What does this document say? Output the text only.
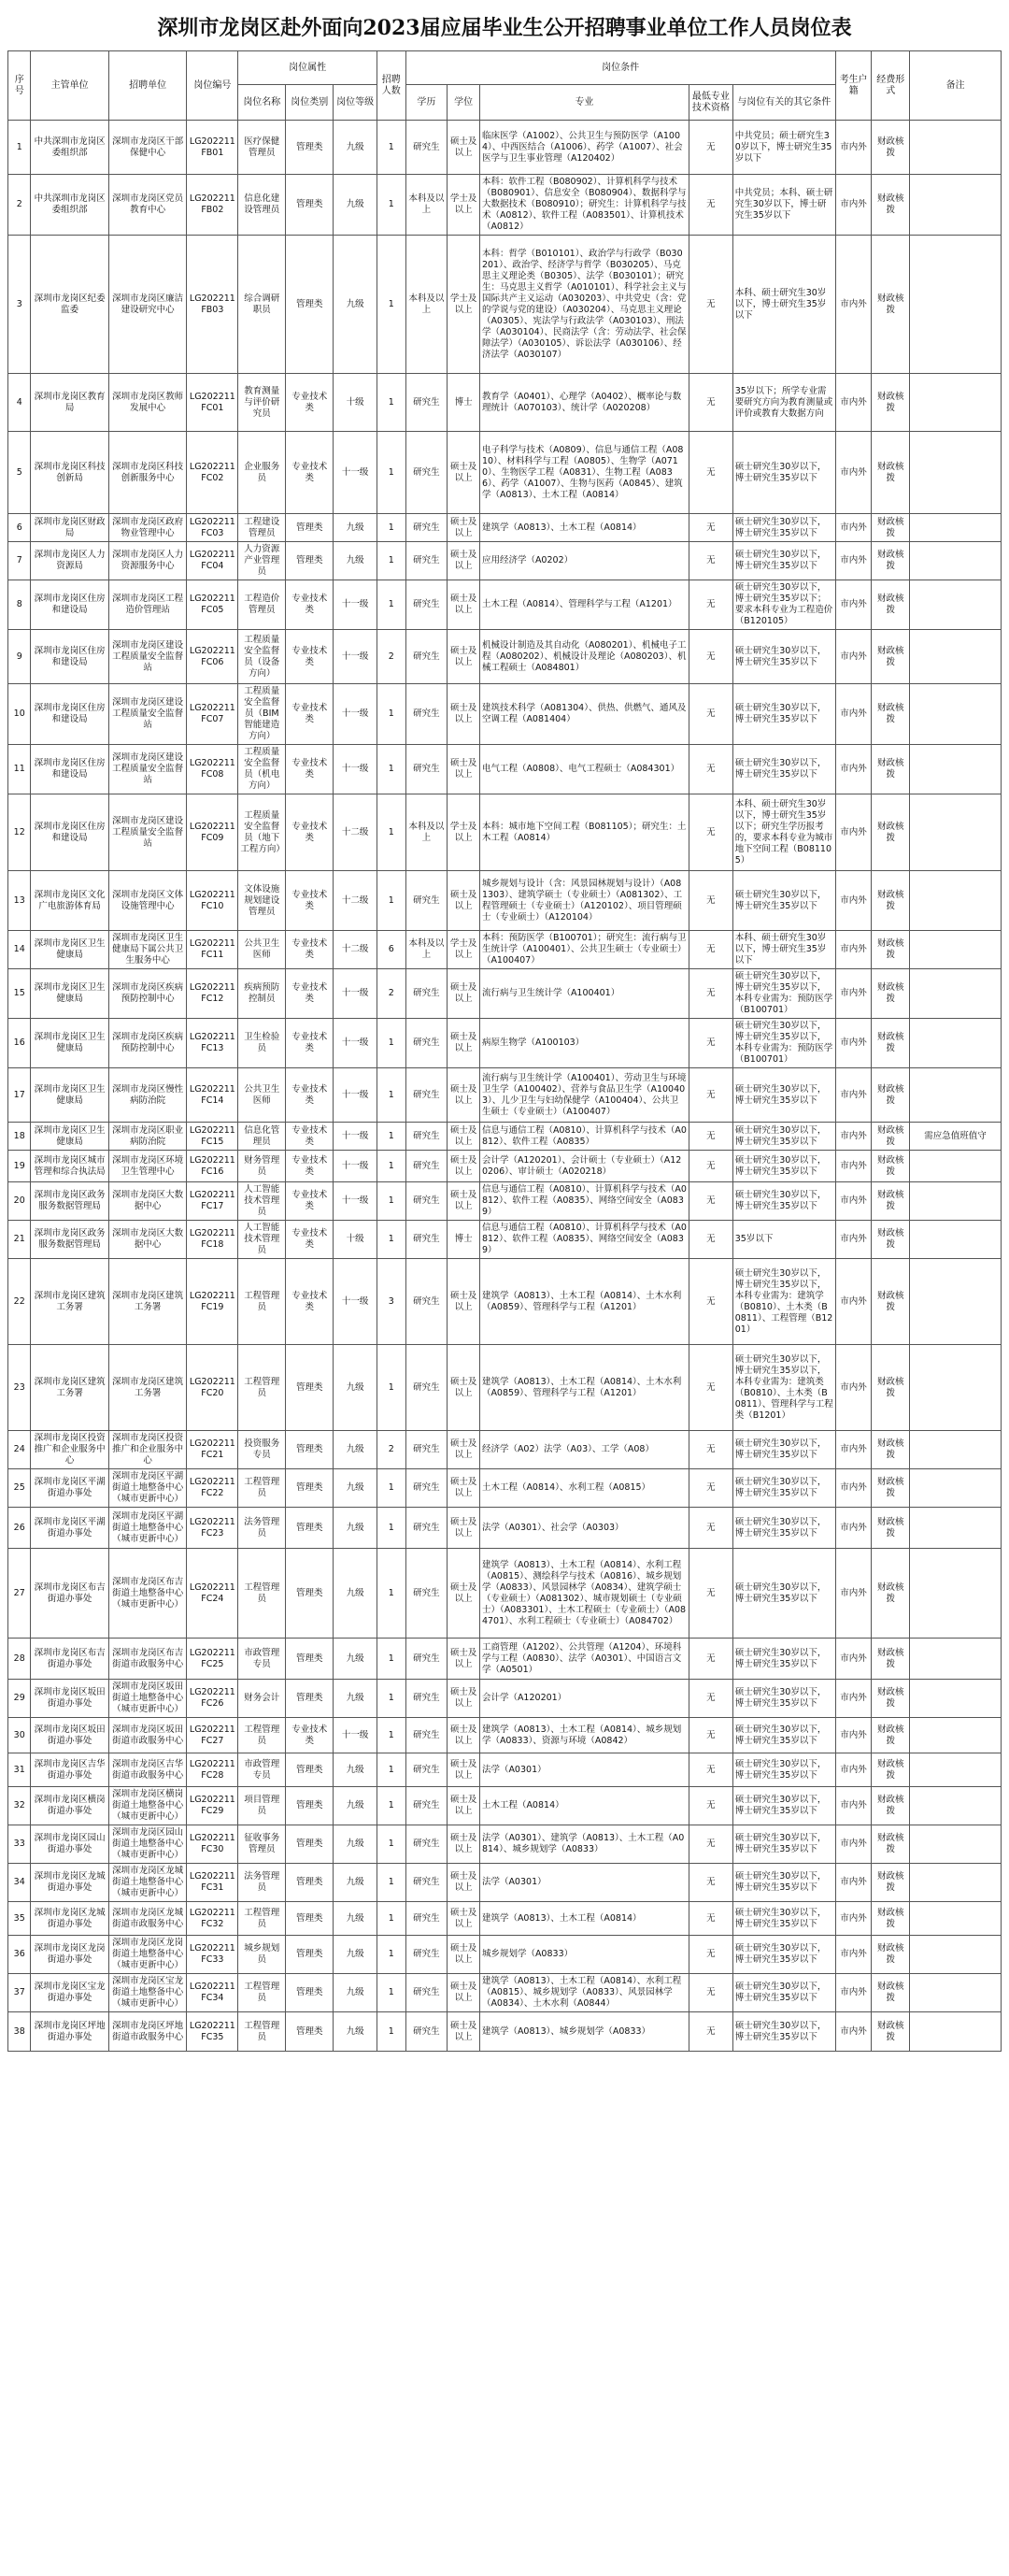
深圳市龙岗区赴外面向2023届应届毕业生公开招聘事业单位工作人员岗位表
序号	主管单位	招聘单位	岗位编号	岗位属性			招聘人数	岗位条件					考生户籍	经费形式	备注
				岗位名称	岗位类别	岗位等级		学历	学位	专业	最低专业技术资格	与岗位有关的其它条件			
1	中共深圳市龙岗区委组织部	深圳市龙岗区干部保健中心	LG202211FB01	医疗保健管理员	管理类	九级	1	研究生	硕士及以上	临床医学（A1002）、公共卫生与预防医学（A1004）、中西医结合（A1006）、药学（A1007）、社会医学与卫生事业管理（A120402）	无	中共党员；硕士研究生30岁以下，博士研究生35岁以下	市内外	财政核拨	
2	中共深圳市龙岗区委组织部	深圳市龙岗区党员教育中心	LG202211FB02	信息化建设管理员	管理类	九级	1	本科及以上	学士及以上	本科：软件工程（B080902）、计算机科学与技术（B080901）、信息安全（B080904）、数据科学与大数据技术（B080910）；研究生：计算机科学与技术（A0812）、软件工程（A083501）、计算机技术（A0812）	无	中共党员；本科、硕士研究生30岁以下，博士研究生35岁以下	市内外	财政核拨	
3	深圳市龙岗区纪委监委	深圳市龙岗区廉洁建设研究中心	LG202211FB03	综合调研职员	管理类	九级	1	本科及以上	学士及以上	本科：哲学（B010101）、政治学与行政学（B030201）、政治学、经济学与哲学（B030205）、马克思主义理论类（B0305）、法学（B030101）；研究生：马克思主义哲学（A010101）、科学社会主义与国际共产主义运动（A030203）、中共党史（含：党的学说与党的建设）（A030204）、马克思主义理论（A0305）、宪法学与行政法学（A030103）、刑法学（A030104）、民商法学（含：劳动法学、社会保障法学）（A030105）、诉讼法学（A030106）、经济法学（A030107）	无	本科、硕士研究生30岁以下，博士研究生35岁以下	市内外	财政核拨	
4	深圳市龙岗区教育局	深圳市龙岗区教师发展中心	LG202211FC01	教育测量与评价研究员	专业技术类	十级	1	研究生	博士	教育学（A0401）、心理学（A0402）、概率论与数理统计（A070103）、统计学（A020208）	无	35岁以下；所学专业需要研究方向为教育测量或评价或教育大数据方向	市内外	财政核拨	
5	深圳市龙岗区科技创新局	深圳市龙岗区科技创新服务中心	LG202211FC02	企业服务员	专业技术类	十一级	1	研究生	硕士及以上	电子科学与技术（A0809）、信息与通信工程（A0810）、材料科学与工程（A0805）、生物学（A0710）、生物医学工程（A0831）、生物工程（A0836）、药学（A1007）、生物与医药（A0845）、建筑学（A0813）、土木工程（A0814）	无	硕士研究生30岁以下，博士研究生35岁以下	市内外	财政核拨	
6	深圳市龙岗区财政局	深圳市龙岗区政府物业管理中心	LG202211FC03	工程建设管理员	管理类	九级	1	研究生	硕士及以上	建筑学（A0813）、土木工程（A0814）	无	硕士研究生30岁以下，博士研究生35岁以下	市内外	财政核拨	
7	深圳市龙岗区人力资源局	深圳市龙岗区人力资源服务中心	LG202211FC04	人力资源产业管理员	管理类	九级	1	研究生	硕士及以上	应用经济学（A0202）	无	硕士研究生30岁以下，博士研究生35岁以下	市内外	财政核拨	
8	深圳市龙岗区住房和建设局	深圳市龙岗区工程造价管理站	LG202211FC05	工程造价管理员	专业技术类	十一级	1	研究生	硕士及以上	土木工程（A0814）、管理科学与工程（A1201）	无	硕士研究生30岁以下，博士研究生35岁以下；要求本科专业为工程造价（B120105）	市内外	财政核拨	
9	深圳市龙岗区住房和建设局	深圳市龙岗区建设工程质量安全监督站	LG202211FC06	工程质量安全监督员（设备方向）	专业技术类	十一级	2	研究生	硕士及以上	机械设计制造及其自动化（A080201）、机械电子工程（A080202）、机械设计及理论（A080203）、机械工程硕士（A084801）	无	硕士研究生30岁以下，博士研究生35岁以下	市内外	财政核拨	
10	深圳市龙岗区住房和建设局	深圳市龙岗区建设工程质量安全监督站	LG202211FC07	工程质量安全监督员（BIM智能建造方向）	专业技术类	十一级	1	研究生	硕士及以上	建筑技术科学（A081304）、供热、供燃气、通风及空调工程（A081404）	无	硕士研究生30岁以下，博士研究生35岁以下	市内外	财政核拨	
11	深圳市龙岗区住房和建设局	深圳市龙岗区建设工程质量安全监督站	LG202211FC08	工程质量安全监督员（机电方向）	专业技术类	十一级	1	研究生	硕士及以上	电气工程（A0808）、电气工程硕士（A084301）	无	硕士研究生30岁以下，博士研究生35岁以下	市内外	财政核拨	
12	深圳市龙岗区住房和建设局	深圳市龙岗区建设工程质量安全监督站	LG202211FC09	工程质量安全监督员（地下工程方向）	专业技术类	十二级	1	本科及以上	学士及以上	本科：城市地下空间工程（B081105）；研究生：土木工程（A0814）	无	本科、硕士研究生30岁以下，博士研究生35岁以下；研究生学历报考的，要求本科专业为城市地下空间工程（B081105）	市内外	财政核拨	
13	深圳市龙岗区文化广电旅游体育局	深圳市龙岗区文体设施管理中心	LG202211FC10	文体设施规划建设管理员	专业技术类	十二级	1	研究生	硕士及以上	城乡规划与设计（含：风景园林规划与设计）（A081303）、建筑学硕士（专业硕士）（A081302）、工程管理硕士（专业硕士）（A120102）、项目管理硕士（专业硕士）（A120104）	无	硕士研究生30岁以下，博士研究生35岁以下	市内外	财政核拨	
14	深圳市龙岗区卫生健康局	深圳市龙岗区卫生健康局下属公共卫生服务中心	LG202211FC11	公共卫生医师	专业技术类	十二级	6	本科及以上	学士及以上	本科：预防医学（B100701）；研究生：流行病与卫生统计学（A100401）、公共卫生硕士（专业硕士）（A100407）	无	本科、硕士研究生30岁以下，博士研究生35岁以下	市内外	财政核拨	
15	深圳市龙岗区卫生健康局	深圳市龙岗区疾病预防控制中心	LG202211FC12	疾病预防控制员	专业技术类	十一级	2	研究生	硕士及以上	流行病与卫生统计学（A100401）	无	硕士研究生30岁以下，博士研究生35岁以下，本科专业需为：预防医学（B100701）	市内外	财政核拨	
16	深圳市龙岗区卫生健康局	深圳市龙岗区疾病预防控制中心	LG202211FC13	卫生检验员	专业技术类	十一级	1	研究生	硕士及以上	病原生物学（A100103）	无	硕士研究生30岁以下，博士研究生35岁以下，本科专业需为：预防医学（B100701）	市内外	财政核拨	
17	深圳市龙岗区卫生健康局	深圳市龙岗区慢性病防治院	LG202211FC14	公共卫生医师	专业技术类	十一级	1	研究生	硕士及以上	流行病与卫生统计学（A100401）、劳动卫生与环境卫生学（A100402）、营养与食品卫生学（A100403）、儿少卫生与妇幼保健学（A100404）、公共卫生硕士（专业硕士）（A100407）	无	硕士研究生30岁以下，博士研究生35岁以下	市内外	财政核拨	
18	深圳市龙岗区卫生健康局	深圳市龙岗区职业病防治院	LG202211FC15	信息化管理员	专业技术类	十一级	1	研究生	硕士及以上	信息与通信工程（A0810）、计算机科学与技术（A0812）、软件工程（A0835）	无	硕士研究生30岁以下，博士研究生35岁以下	市内外	财政核拨	需应急值班值守
19	深圳市龙岗区城市管理和综合执法局	深圳市龙岗区环境卫生管理中心	LG202211FC16	财务管理员	专业技术类	十一级	1	研究生	硕士及以上	会计学（A120201）、会计硕士（专业硕士）（A120206）、审计硕士（A020218）	无	硕士研究生30岁以下，博士研究生35岁以下	市内外	财政核拨	
20	深圳市龙岗区政务服务数据管理局	深圳市龙岗区大数据中心	LG202211FC17	人工智能技术管理员	专业技术类	十一级	1	研究生	硕士及以上	信息与通信工程（A0810）、计算机科学与技术（A0812）、软件工程（A0835）、网络空间安全（A0839）	无	硕士研究生30岁以下，博士研究生35岁以下	市内外	财政核拨	
21	深圳市龙岗区政务服务数据管理局	深圳市龙岗区大数据中心	LG202211FC18	人工智能技术管理员	专业技术类	十级	1	研究生	博士	信息与通信工程（A0810）、计算机科学与技术（A0812）、软件工程（A0835）、网络空间安全（A0839）	无	35岁以下	市内外	财政核拨	
22	深圳市龙岗区建筑工务署	深圳市龙岗区建筑工务署	LG202211FC19	工程管理员	专业技术类	十一级	3	研究生	硕士及以上	建筑学（A0813）、土木工程（A0814）、土木水利（A0859）、管理科学与工程（A1201）	无	硕士研究生30岁以下，博士研究生35岁以下，本科专业需为：建筑学（B0810）、土木类（B0811）、工程管理（B1201）	市内外	财政核拨	
23	深圳市龙岗区建筑工务署	深圳市龙岗区建筑工务署	LG202211FC20	工程管理员	管理类	九级	1	研究生	硕士及以上	建筑学（A0813）、土木工程（A0814）、土木水利（A0859）、管理科学与工程（A1201）	无	硕士研究生30岁以下，博士研究生35岁以下，本科专业需为：建筑类（B0810）、土木类（B0811）、管理科学与工程类（B1201）	市内外	财政核拨	
24	深圳市龙岗区投资推广和企业服务中心	深圳市龙岗区投资推广和企业服务中心	LG202211FC21	投资服务专员	管理类	九级	2	研究生	硕士及以上	经济学（A02）法学（A03）、工学（A08）	无	硕士研究生30岁以下，博士研究生35岁以下	市内外	财政核拨	
25	深圳市龙岗区平湖街道办事处	深圳市龙岗区平湖街道土地整备中心（城市更新中心）	LG202211FC22	工程管理员	管理类	九级	1	研究生	硕士及以上	土木工程（A0814）、水利工程（A0815）	无	硕士研究生30岁以下，博士研究生35岁以下	市内外	财政核拨	
26	深圳市龙岗区平湖街道办事处	深圳市龙岗区平湖街道土地整备中心（城市更新中心）	LG202211FC23	法务管理员	管理类	九级	1	研究生	硕士及以上	法学（A0301）、社会学（A0303）	无	硕士研究生30岁以下，博士研究生35岁以下	市内外	财政核拨	
27	深圳市龙岗区布吉街道办事处	深圳市龙岗区布吉街道土地整备中心（城市更新中心）	LG202211FC24	工程管理员	管理类	九级	1	研究生	硕士及以上	建筑学（A0813）、土木工程（A0814）、水利工程（A0815）、测绘科学与技术（A0816）、城乡规划学（A0833）、风景园林学（A0834）、建筑学硕士（专业硕士）（A081302）、城市规划硕士（专业硕士）（A083301）、土木工程硕士（专业硕士）（A084701）、水利工程硕士（专业硕士）（A084702）	无	硕士研究生30岁以下，博士研究生35岁以下	市内外	财政核拨	
28	深圳市龙岗区布吉街道办事处	深圳市龙岗区布吉街道市政服务中心	LG202211FC25	市政管理专员	管理类	九级	1	研究生	硕士及以上	工商管理（A1202）、公共管理（A1204）、环境科学与工程（A0830）、法学（A0301）、中国语言文学（A0501）	无	硕士研究生30岁以下，博士研究生35岁以下	市内外	财政核拨	
29	深圳市龙岗区坂田街道办事处	深圳市龙岗区坂田街道土地整备中心（城市更新中心）	LG202211FC26	财务会计	管理类	九级	1	研究生	硕士及以上	会计学（A120201）	无	硕士研究生30岁以下，博士研究生35岁以下	市内外	财政核拨	
30	深圳市龙岗区坂田街道办事处	深圳市龙岗区坂田街道市政服务中心	LG202211FC27	工程管理员	专业技术类	十一级	1	研究生	硕士及以上	建筑学（A0813）、土木工程（A0814）、城乡规划学（A0833）、资源与环境（A0842）	无	硕士研究生30岁以下，博士研究生35岁以下	市内外	财政核拨	
31	深圳市龙岗区吉华街道办事处	深圳市龙岗区吉华街道市政服务中心	LG202211FC28	市政管理专员	管理类	九级	1	研究生	硕士及以上	法学（A0301）	无	硕士研究生30岁以下，博士研究生35岁以下	市内外	财政核拨	
32	深圳市龙岗区横岗街道办事处	深圳市龙岗区横岗街道土地整备中心（城市更新中心）	LG202211FC29	项目管理员	管理类	九级	1	研究生	硕士及以上	土木工程（A0814）	无	硕士研究生30岁以下，博士研究生35岁以下	市内外	财政核拨	
33	深圳市龙岗区园山街道办事处	深圳市龙岗区园山街道土地整备中心（城市更新中心）	LG202211FC30	征收事务管理员	管理类	九级	1	研究生	硕士及以上	法学（A0301）、建筑学（A0813）、土木工程（A0814）、城乡规划学（A0833）	无	硕士研究生30岁以下，博士研究生35岁以下	市内外	财政核拨	
34	深圳市龙岗区龙城街道办事处	深圳市龙岗区龙城街道土地整备中心（城市更新中心）	LG202211FC31	法务管理员	管理类	九级	1	研究生	硕士及以上	法学（A0301）	无	硕士研究生30岁以下，博士研究生35岁以下	市内外	财政核拨	
35	深圳市龙岗区龙城街道办事处	深圳市龙岗区龙城街道市政服务中心	LG202211FC32	工程管理员	管理类	九级	1	研究生	硕士及以上	建筑学（A0813）、土木工程（A0814）	无	硕士研究生30岁以下，博士研究生35岁以下	市内外	财政核拨	
36	深圳市龙岗区龙岗街道办事处	深圳市龙岗区龙岗街道土地整备中心（城市更新中心）	LG202211FC33	城乡规划员	管理类	九级	1	研究生	硕士及以上	城乡规划学（A0833）	无	硕士研究生30岁以下，博士研究生35岁以下	市内外	财政核拨	
37	深圳市龙岗区宝龙街道办事处	深圳市龙岗区宝龙街道土地整备中心（城市更新中心）	LG202211FC34	工程管理员	管理类	九级	1	研究生	硕士及以上	建筑学（A0813）、土木工程（A0814）、水利工程（A0815）、城乡规划学（A0833）、风景园林学（A0834）、土木水利（A0844）	无	硕士研究生30岁以下，博士研究生35岁以下	市内外	财政核拨	
38	深圳市龙岗区坪地街道办事处	深圳市龙岗区坪地街道市政服务中心	LG202211FC35	工程管理员	管理类	九级	1	研究生	硕士及以上	建筑学（A0813）、城乡规划学（A0833）	无	硕士研究生30岁以下，博士研究生35岁以下	市内外	财政核拨	
